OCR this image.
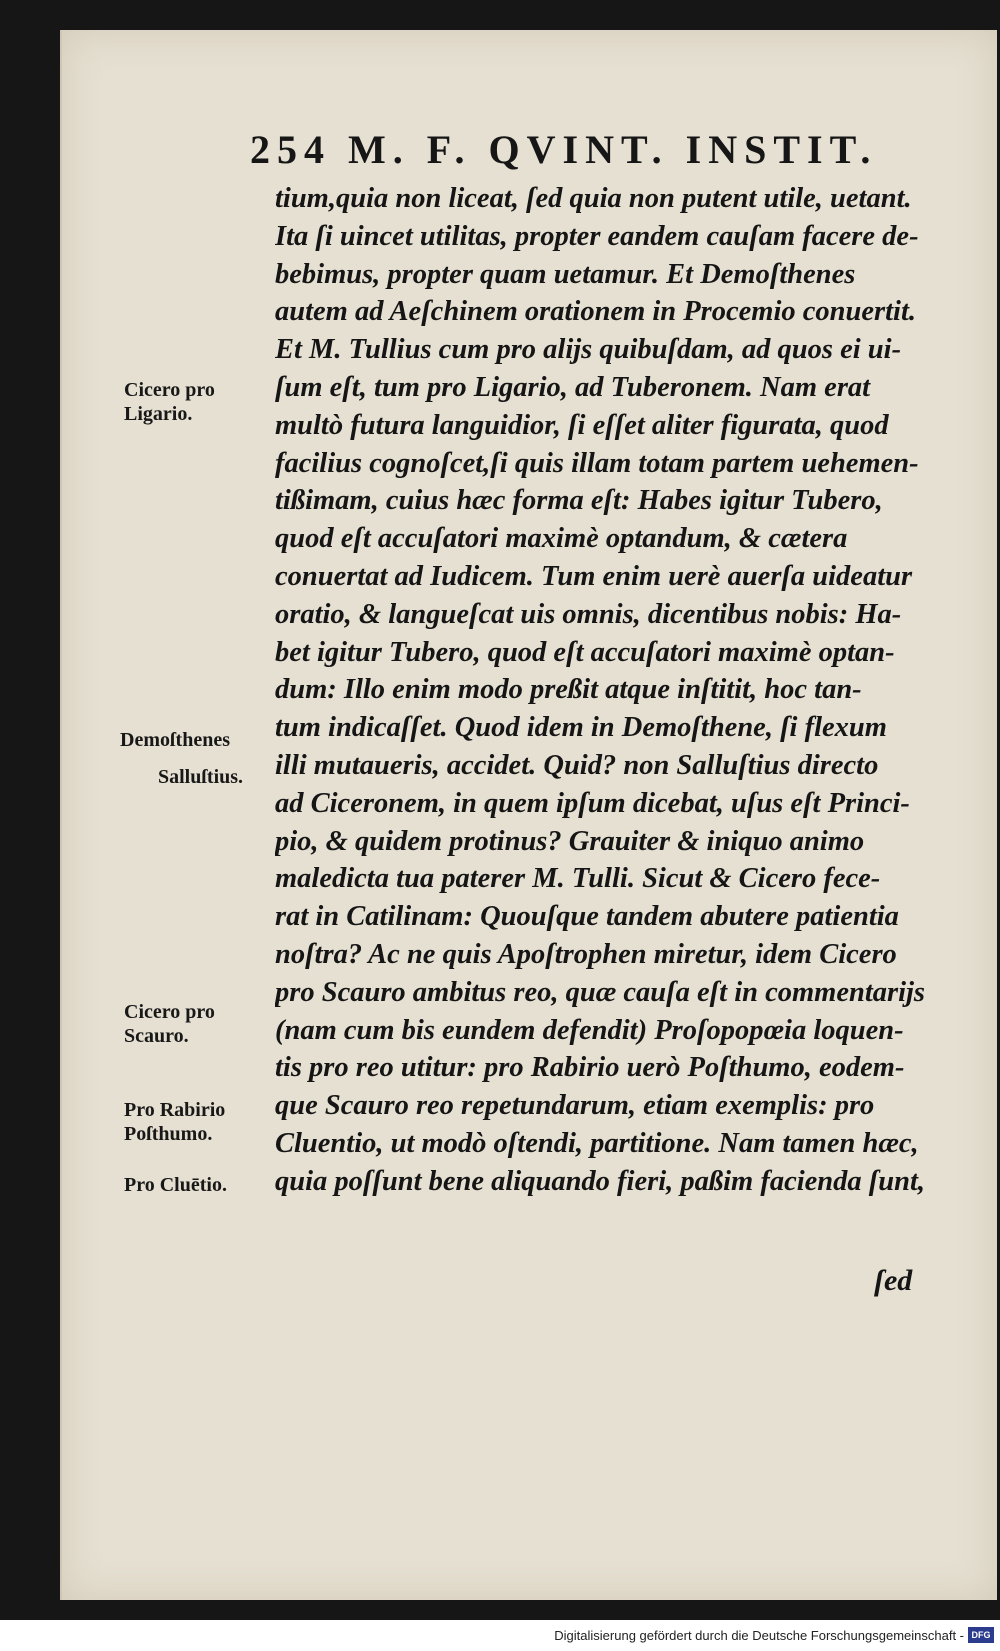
254 M. F. QVINT. INSTIT.
tium,quia non liceat, ſed quia non putent utile, uetant.
Ita ſi uincet utilitas, propter eandem cauſam facere de-
bebimus, propter quam uetamur. Et Demoſthenes
autem ad Aeſchinem orationem in Procemio conuertit.
Et M. Tullius cum pro alijs quibuſdam, ad quos ei ui-
ſum eſt, tum pro Ligario, ad Tuberonem. Nam erat
multò futura languidior, ſi eſſet aliter figurata, quod
facilius cognoſcet,ſi quis illam totam partem uehemen-
tißimam, cuius hæc forma eſt: Habes igitur Tubero,
quod eſt accuſatori maximè optandum, & cætera
conuertat ad Iudicem. Tum enim uerè auerſa uideatur
oratio, & langueſcat uis omnis, dicentibus nobis: Ha-
bet igitur Tubero, quod eſt accuſatori maximè optan-
dum: Illo enim modo preßit atque inſtitit, hoc tan-
tum indicaſſet. Quod idem in Demoſthene, ſi flexum
illi mutaueris, accidet. Quid? non Salluſtius directo
ad Ciceronem, in quem ipſum dicebat, uſus eſt Princi-
pio, & quidem protinus? Grauiter & iniquo animo
maledicta tua paterer M. Tulli. Sicut & Cicero fece-
rat in Catilinam: Quouſque tandem abutere patientia
noſtra? Ac ne quis Apoſtrophen miretur, idem Cicero
pro Scauro ambitus reo, quæ cauſa eſt in commentarijs
(nam cum bis eundem defendit) Proſopopœia loquen-
tis pro reo utitur: pro Rabirio uerò Poſthumo, eodem-
que Scauro reo repetundarum, etiam exemplis: pro
Cluentio, ut modò oſtendi, partitione. Nam tamen hæc,
quia poſſunt bene aliquando fieri, paßim facienda ſunt,
ſed
Cicero pro
Ligario.
Demoſthenes
Salluſtius.
Cicero pro
Scauro.
Pro Rabirio
Poſthumo.
Pro Cluētio.
Digitalisierung gefördert durch die Deutsche Forschungsgemeinschaft - DFG
